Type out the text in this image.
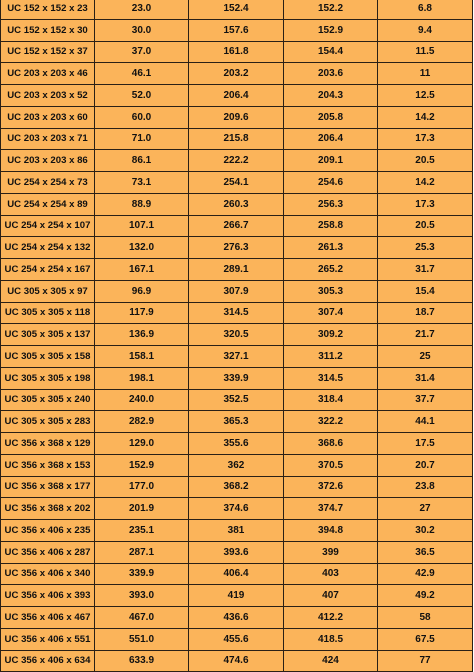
UC 152 x 152 x 23	23.0	152.4	152.2	6.8
UC 152 x 152 x 30	30.0	157.6	152.9	9.4
UC 152 x 152 x 37	37.0	161.8	154.4	11.5
UC 203 x 203 x 46	46.1	203.2	203.6	11
UC 203 x 203 x 52	52.0	206.4	204.3	12.5
UC 203 x 203 x 60	60.0	209.6	205.8	14.2
UC 203 x 203 x 71	71.0	215.8	206.4	17.3
UC 203 x 203 x 86	86.1	222.2	209.1	20.5
UC 254 x 254 x 73	73.1	254.1	254.6	14.2
UC 254 x 254 x 89	88.9	260.3	256.3	17.3
UC 254 x 254 x 107	107.1	266.7	258.8	20.5
UC 254 x 254 x 132	132.0	276.3	261.3	25.3
UC 254 x 254 x 167	167.1	289.1	265.2	31.7
UC 305 x 305 x 97	96.9	307.9	305.3	15.4
UC 305 x 305 x 118	117.9	314.5	307.4	18.7
UC 305 x 305 x 137	136.9	320.5	309.2	21.7
UC 305 x 305 x 158	158.1	327.1	311.2	25
UC 305 x 305 x 198	198.1	339.9	314.5	31.4
UC 305 x 305 x 240	240.0	352.5	318.4	37.7
UC 305 x 305 x 283	282.9	365.3	322.2	44.1
UC 356 x 368 x 129	129.0	355.6	368.6	17.5
UC 356 x 368 x 153	152.9	362	370.5	20.7
UC 356 x 368 x 177	177.0	368.2	372.6	23.8
UC 356 x 368 x 202	201.9	374.6	374.7	27
UC 356 x 406 x 235	235.1	381	394.8	30.2
UC 356 x 406 x 287	287.1	393.6	399	36.5
UC 356 x 406 x 340	339.9	406.4	403	42.9
UC 356 x 406 x 393	393.0	419	407	49.2
UC 356 x 406 x 467	467.0	436.6	412.2	58
UC 356 x 406 x 551	551.0	455.6	418.5	67.5
UC 356 x 406 x 634	633.9	474.6	424	77
